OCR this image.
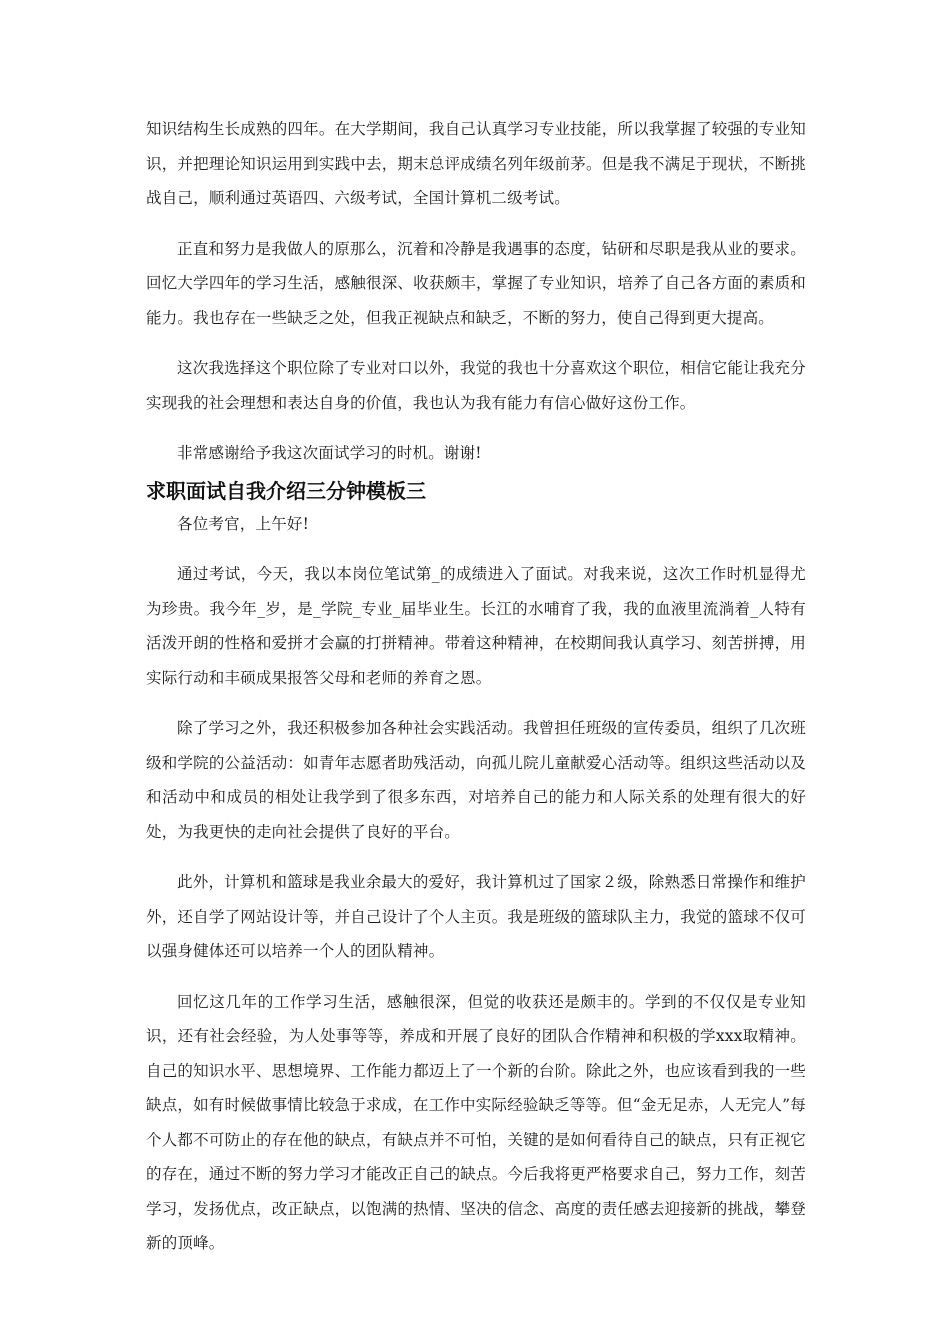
知识结构生长成熟的四年。在大学期间，我自己认真学习专业技能，所以我掌握了较强的专业知识，并把理论知识运用到实践中去，期末总评成绩名列年级前茅。但是我不满足于现状，不断挑战自己，顺利通过英语四、六级考试，全国计算机二级考试。

正直和努力是我做人的原那么，沉着和冷静是我遇事的态度，钻研和尽职是我从业的要求。回忆大学四年的学习生活，感触很深、收获颇丰，掌握了专业知识，培养了自己各方面的素质和能力。我也存在一些缺乏之处，但我正视缺点和缺乏，不断的努力，使自己得到更大提高。

这次我选择这个职位除了专业对口以外，我觉的我也十分喜欢这个职位，相信它能让我充分实现我的社会理想和表达自身的价值，我也认为我有能力有信心做好这份工作。

非常感谢给予我这次面试学习的时机。谢谢!

求职面试自我介绍三分钟模板三

各位考官，上午好!

通过考试，今天，我以本岗位笔试第_的成绩进入了面试。对我来说，这次工作时机显得尤为珍贵。我今年_岁，是_学院_专业_届毕业生。长江的水哺育了我，我的血液里流淌着_人特有活泼开朗的性格和爱拼才会赢的打拼精神。带着这种精神，在校期间我认真学习、刻苦拼搏，用实际行动和丰硕成果报答父母和老师的养育之恩。

除了学习之外，我还积极参加各种社会实践活动。我曾担任班级的宣传委员，组织了几次班级和学院的公益活动：如青年志愿者助残活动，向孤儿院儿童献爱心活动等。组织这些活动以及和活动中和成员的相处让我学到了很多东西，对培养自己的能力和人际关系的处理有很大的好处，为我更快的走向社会提供了良好的平台。

此外，计算机和篮球是我业余最大的爱好，我计算机过了国家２级，除熟悉日常操作和维护外，还自学了网站设计等，并自己设计了个人主页。我是班级的篮球队主力，我觉的篮球不仅可以强身健体还可以培养一个人的团队精神。

回忆这几年的工作学习生活，感触很深，但觉的收获还是颇丰的。学到的不仅仅是专业知识，还有社会经验，为人处事等等，养成和开展了良好的团队合作精神和积极的学xxx取精神。自己的知识水平、思想境界、工作能力都迈上了一个新的台阶。除此之外，也应该看到我的一些缺点，如有时候做事情比较急于求成，在工作中实际经验缺乏等等。但“金无足赤，人无完人”每个人都不可防止的存在他的缺点，有缺点并不可怕，关键的是如何看待自己的缺点，只有正视它的存在，通过不断的努力学习才能改正自己的缺点。今后我将更严格要求自己，努力工作，刻苦学习，发扬优点，改正缺点，以饱满的热情、坚决的信念、高度的责任感去迎接新的挑战，攀登新的顶峰。
